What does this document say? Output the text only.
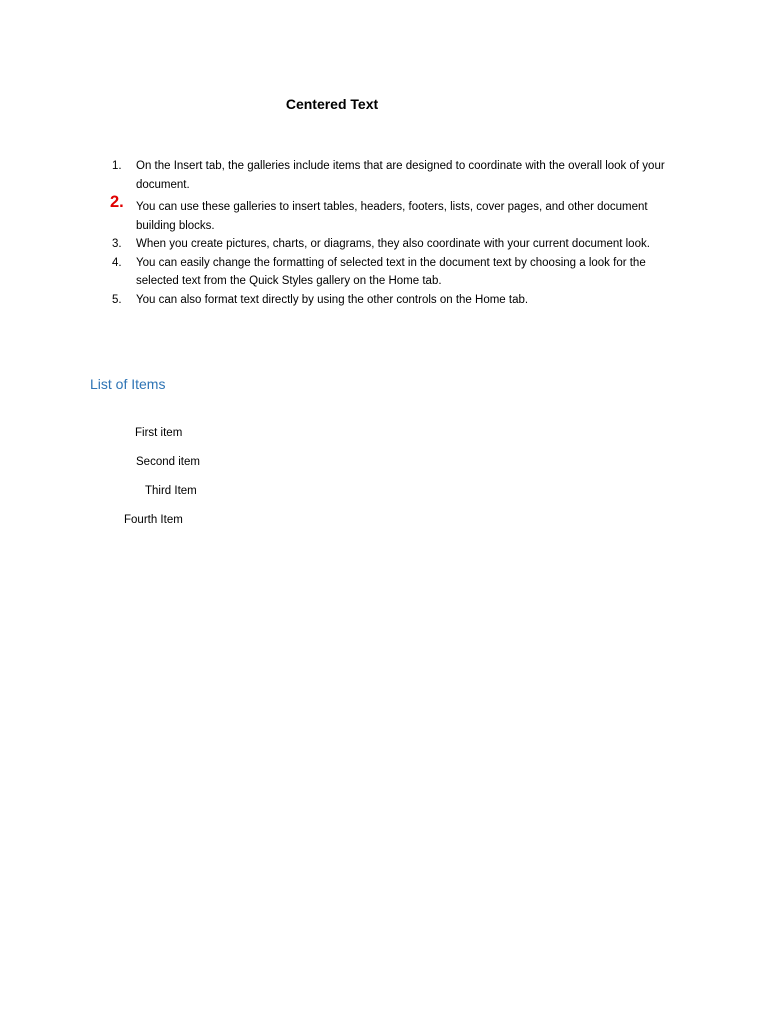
Centered Text
1. On the Insert tab, the galleries include items that are designed to coordinate with the overall look of your document.
2. You can use these galleries to insert tables, headers, footers, lists, cover pages, and other document building blocks.
3. When you create pictures, charts, or diagrams, they also coordinate with your current document look.
4. You can easily change the formatting of selected text in the document text by choosing a look for the selected text from the Quick Styles gallery on the Home tab.
5. You can also format text directly by using the other controls on the Home tab.
List of Items
First item
Second item
Third Item
Fourth Item
